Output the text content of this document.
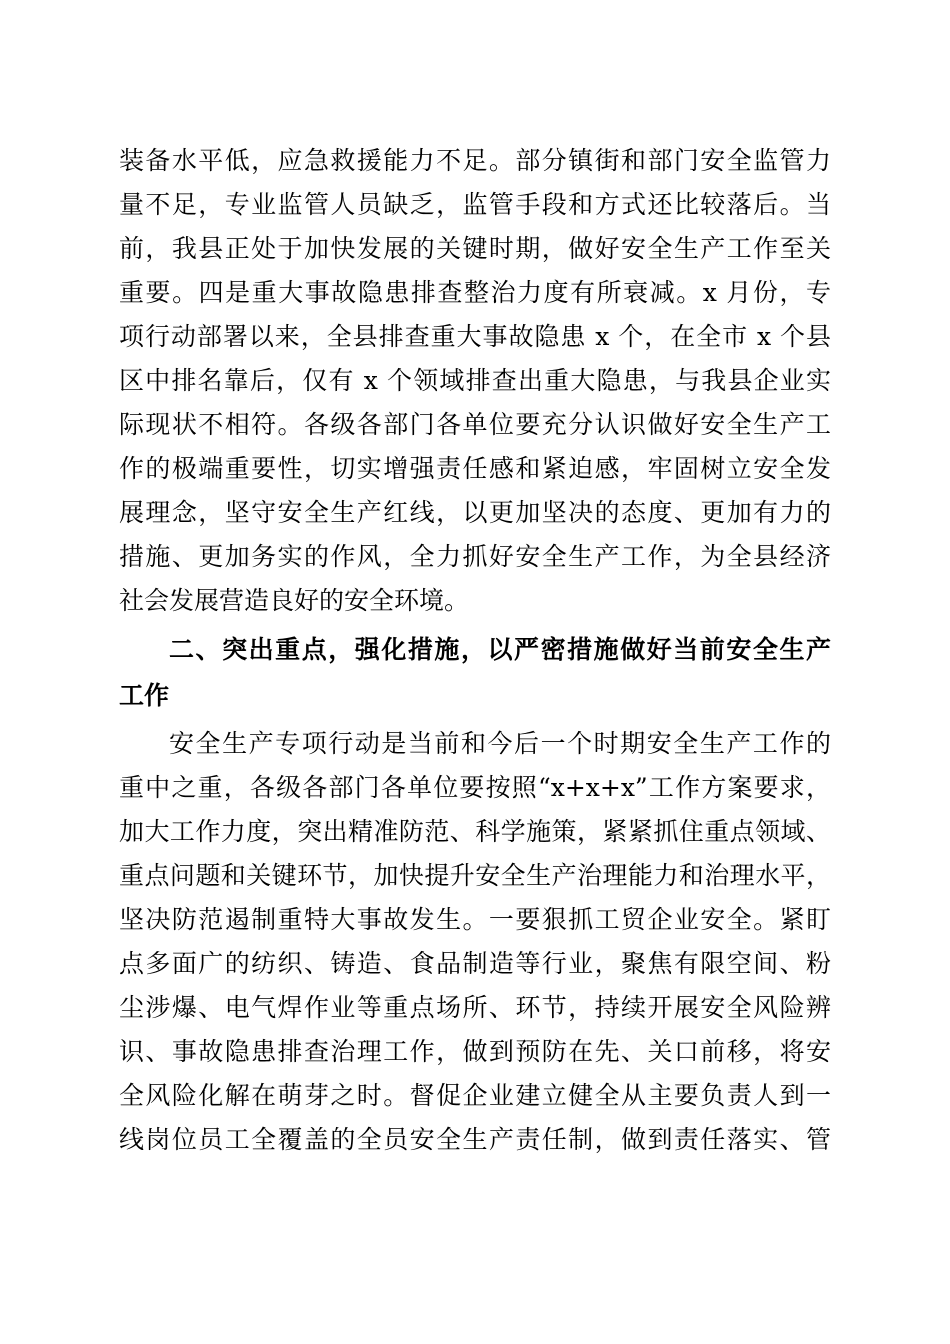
装备水平低，应急救援能力不足。部分镇街和部门安全监管力
量不足，专业监管人员缺乏，监管手段和方式还比较落后。当
前，我县正处于加快发展的关键时期，做好安全生产工作至关
重要。四是重大事故隐患排查整治力度有所衰减。x 月份，专
项行动部署以来，全县排查重大事故隐患 x 个，在全市 x 个县
区中排名靠后，仅有 x 个领域排查出重大隐患，与我县企业实
际现状不相符。各级各部门各单位要充分认识做好安全生产工
作的极端重要性，切实增强责任感和紧迫感，牢固树立安全发
展理念，坚守安全生产红线，以更加坚决的态度、更加有力的
措施、更加务实的作风，全力抓好安全生产工作，为全县经济
社会发展营造良好的安全环境。
二、突出重点，强化措施，以严密措施做好当前安全生产
工作
安全生产专项行动是当前和今后一个时期安全生产工作的
重中之重，各级各部门各单位要按照“x+x+x”工作方案要求，
加大工作力度，突出精准防范、科学施策，紧紧抓住重点领域、
重点问题和关键环节，加快提升安全生产治理能力和治理水平，
坚决防范遏制重特大事故发生。一要狠抓工贸企业安全。紧盯
点多面广的纺织、铸造、食品制造等行业，聚焦有限空间、粉
尘涉爆、电气焊作业等重点场所、环节，持续开展安全风险辨
识、事故隐患排查治理工作，做到预防在先、关口前移，将安
全风险化解在萌芽之时。督促企业建立健全从主要负责人到一
线岗位员工全覆盖的全员安全生产责任制，做到责任落实、管
